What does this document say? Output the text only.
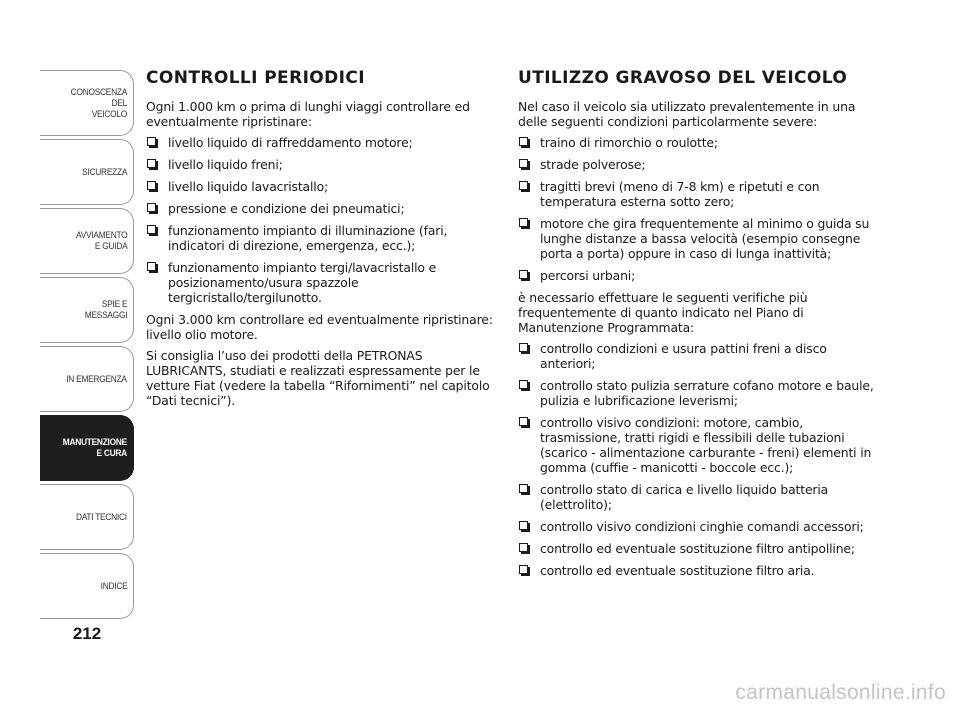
CONOSCENZA
DEL
VEICOLO
SICUREZZA
AVVIAMENTO
E GUIDA
SPIE E
MESSAGGI
IN EMERGENZA
MANUTENZIONE
E CURA
DATI TECNICI
INDICE
212
CONTROLLI PERIODICI

Ogni 1.000 km o prima di lunghi viaggi controllare ed eventualmente ripristinare:

livello liquido di raffreddamento motore;
livello liquido freni;
livello liquido lavacristallo;
pressione e condizione dei pneumatici;
funzionamento impianto di illuminazione (fari, indicatori di direzione, emergenza, ecc.);
funzionamento impianto tergi/lavacristallo e posizionamento/usura spazzole tergicristallo/tergilunotto.

Ogni 3.000 km controllare ed eventualmente ripristinare: livello olio motore.

Si consiglia l’uso dei prodotti della PETRONAS LUBRICANTS, studiati e realizzati espressamente per le vetture Fiat (vedere la tabella “Rifornimenti” nel capitolo “Dati tecnici”).

UTILIZZO GRAVOSO DEL VEICOLO

Nel caso il veicolo sia utilizzato prevalentemente in una delle seguenti condizioni particolarmente severe:

traino di rimorchio o roulotte;
strade polverose;
tragitti brevi (meno di 7-8 km) e ripetuti e con temperatura esterna sotto zero;
motore che gira frequentemente al minimo o guida su lunghe distanze a bassa velocità (esempio consegne porta a porta) oppure in caso di lunga inattività;
percorsi urbani;

è necessario effettuare le seguenti verifiche più frequentemente di quanto indicato nel Piano di Manutenzione Programmata:

controllo condizioni e usura pattini freni a disco anteriori;
controllo stato pulizia serrature cofano motore e baule, pulizia e lubrificazione leverismi;
controllo visivo condizioni: motore, cambio, trasmissione, tratti rigidi e flessibili delle tubazioni (scarico - alimentazione carburante - freni) elementi in gomma (cuffie - manicotti - boccole ecc.);
controllo stato di carica e livello liquido batteria (elettrolito);
controllo visivo condizioni cinghie comandi accessori;
controllo ed eventuale sostituzione filtro antipolline;
controllo ed eventuale sostituzione filtro aria.
carmanualsonline.info
